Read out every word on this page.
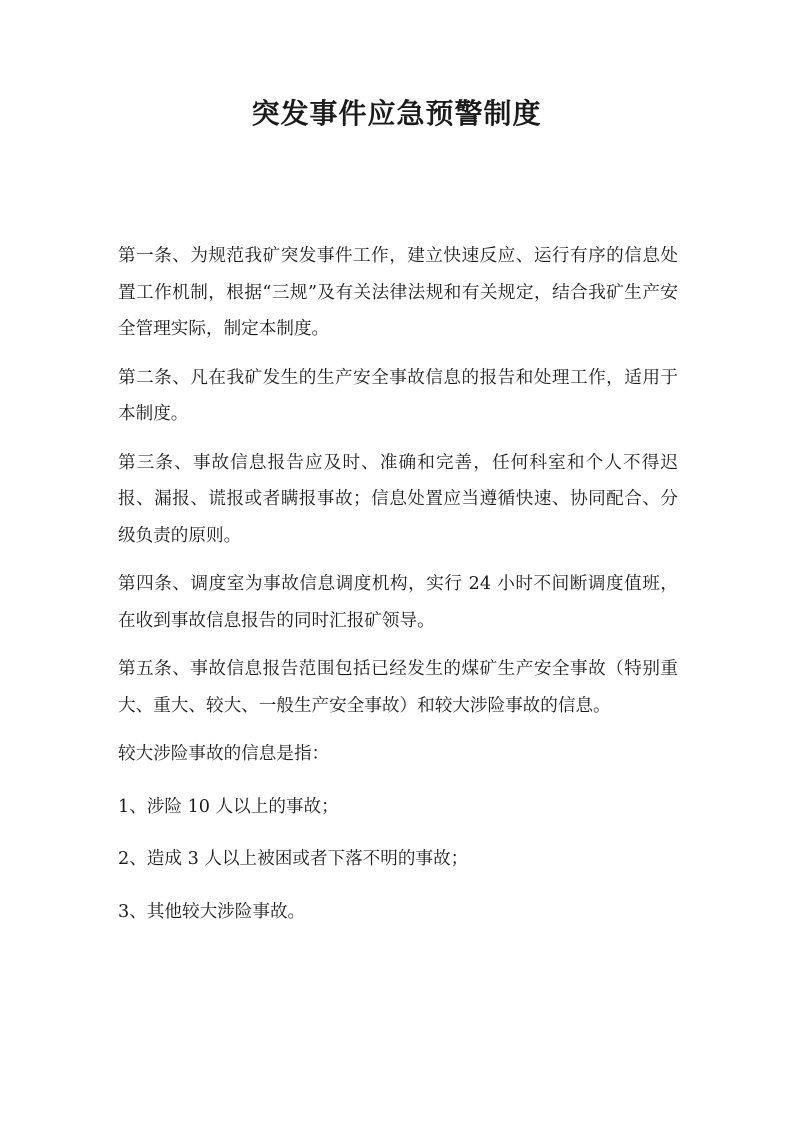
突发事件应急预警制度

第一条、为规范我矿突发事件工作，建立快速反应、运行有序的信息处置工作机制，根据“三规”及有关法律法规和有关规定，结合我矿生产安全管理实际，制定本制度。

第二条、凡在我矿发生的生产安全事故信息的报告和处理工作，适用于本制度。

第三条、事故信息报告应及时、准确和完善，任何科室和个人不得迟报、漏报、谎报或者瞒报事故；信息处置应当遵循快速、协同配合、分级负责的原则。

第四条、调度室为事故信息调度机构，实行 24 小时不间断调度值班，在收到事故信息报告的同时汇报矿领导。

第五条、事故信息报告范围包括已经发生的煤矿生产安全事故（特别重大、重大、较大、一般生产安全事故）和较大涉险事故的信息。

较大涉险事故的信息是指：

1、涉险 10 人以上的事故；

2、造成 3 人以上被困或者下落不明的事故；

3、其他较大涉险事故。
